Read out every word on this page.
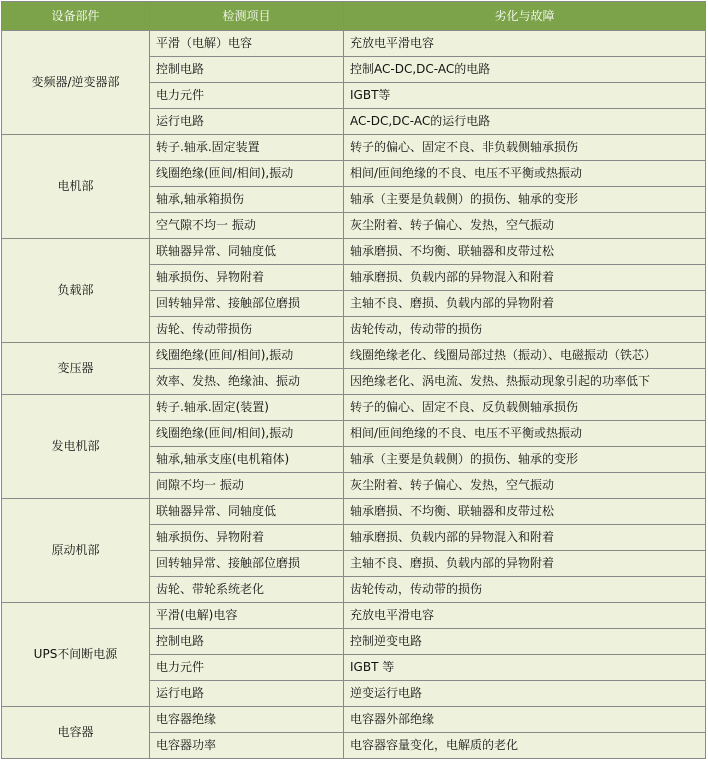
设备部件	检测项目	劣化与故障
变频器/逆变器部	平滑（电解）电容	充放电平滑电容
	控制电路	控制AC-DC,DC-AC的电路
	电力元件	IGBT等
	运行电路	AC-DC,DC-AC的运行电路
电机部	转子.轴承.固定装置	转子的偏心、固定不良、非负载侧轴承损伤
	线圈绝缘(匝间/相间),振动	相间/匝间绝缘的不良、电压不平衡或热振动
	轴承,轴承箱损伤	轴承（主要是负载侧）的损伤、轴承的变形
	空气隙不均一 振动	灰尘附着、转子偏心、发热，空气振动
负载部	联轴器异常、同轴度低	轴承磨损、不均衡、联轴器和皮带过松
	轴承损伤、异物附着	轴承磨损、负载内部的异物混入和附着
	回转轴异常、接触部位磨损	主轴不良、磨损、负载内部的异物附着
	齿轮、传动带损伤	齿轮传动，传动带的损伤
变压器	线圈绝缘(匝间/相间),振动	线圈绝缘老化、线圈局部过热（振动）、电磁振动（铁芯）
	效率、发热、绝缘油、振动	因绝缘老化、涡电流、发热、热振动现象引起的功率低下
发电机部	转子.轴承.固定(装置)	转子的偏心、固定不良、反负载侧轴承损伤
	线圈绝缘(匝间/相间),振动	相间/匝间绝缘的不良、电压不平衡或热振动
	轴承,轴承支座(电机箱体)	轴承（主要是负载侧）的损伤、轴承的变形
	间隙不均一 振动	灰尘附着、转子偏心、发热，空气振动
原动机部	联轴器异常、同轴度低	轴承磨损、不均衡、联轴器和皮带过松
	轴承损伤、异物附着	轴承磨损、负载内部的异物混入和附着
	回转轴异常、接触部位磨损	主轴不良、磨损、负载内部的异物附着
	齿轮、带轮系统老化	齿轮传动，传动带的损伤
UPS不间断电源	平滑(电解)电容	充放电平滑电容
	控制电路	控制逆变电路
	电力元件	IGBT 等
	运行电路	逆变运行电路
电容器	电容器绝缘	电容器外部绝缘
	电容器功率	电容器容量变化，电解质的老化
